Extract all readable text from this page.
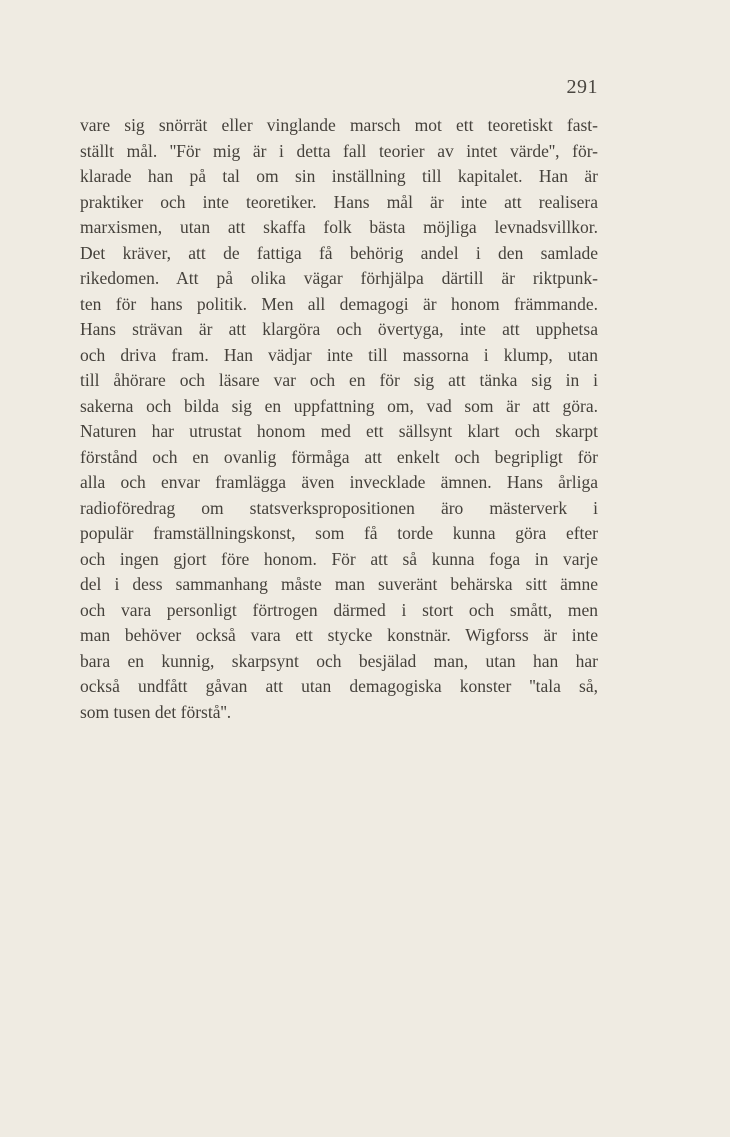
291
vare sig snörrät eller vinglande marsch mot ett teoretiskt fast-
ställt mål. ''För mig är i detta fall teorier av intet värde'', för-
klarade han på tal om sin inställning till kapitalet. Han är
praktiker och inte teoretiker. Hans mål är inte att realisera
marxismen, utan att skaffa folk bästa möjliga levnadsvillkor.
Det kräver, att de fattiga få behörig andel i den samlade
rikedomen. Att på olika vägar förhjälpa därtill är riktpunk-
ten för hans politik. Men all demagogi är honom främmande.
Hans strävan är att klargöra och övertyga, inte att upphetsa
och driva fram. Han vädjar inte till massorna i klump, utan
till åhörare och läsare var och en för sig att tänka sig in i
sakerna och bilda sig en uppfattning om, vad som är att göra.
Naturen har utrustat honom med ett sällsynt klart och skarpt
förstånd och en ovanlig förmåga att enkelt och begripligt för
alla och envar framlägga även invecklade ämnen. Hans årliga
radioföredrag om statsverkspropositionen äro mästerverk i
populär framställningskonst, som få torde kunna göra efter
och ingen gjort före honom. För att så kunna foga in varje
del i dess sammanhang måste man suveränt behärska sitt ämne
och vara personligt förtrogen därmed i stort och smått, men
man behöver också vara ett stycke konstnär. Wigforss är inte
bara en kunnig, skarpsynt och besjälad man, utan han har
också undfått gåvan att utan demagogiska konster ''tala så,
som tusen det förstå''.
